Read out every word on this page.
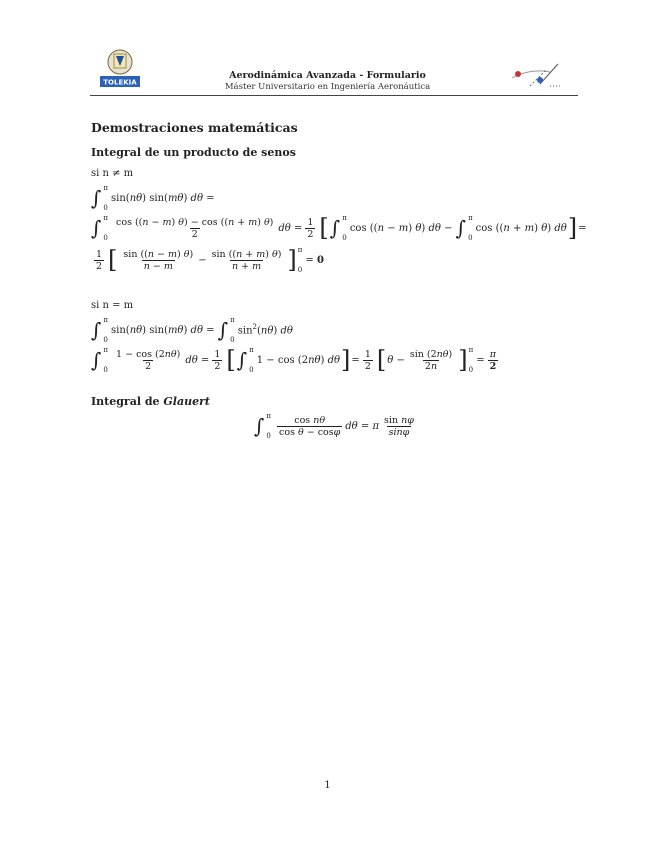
TOLEKIA
Aerodinámica Avanzada - Formulario
Máster Universitario en Ingeniería Aeronáutica
Demostraciones matemáticas
Integral de un producto de senos
si n ≠ m
∫ π
0
sin(nθ) sin(mθ) dθ =
∫ π
$0 \frac{\cos ((n - m) \theta) - \cos ((n + m) \theta)}{2}$ $d\theta = \frac{1}{2}$ [ ∫ π
0
cos ((n − m) θ) dθ − ∫ π
0
cos ((n + m) θ) dθ ] =
$\frac{1}{2}$ [ $\frac{\sin ((n - m) \theta)}{n - m} - \frac{\sin ((n + m) \theta)}{n + m}$ ] π
0
= 0
si n = m
∫ π
0
sin(nθ) sin(mθ) dθ = ∫ π
0
$\sin^2(n\theta)$ dθ
∫ π
$0 \frac{1 - \cos (2n\theta)}{2}$ $d\theta = \frac{1}{2}$ [ ∫ π
0
1 − cos (2nθ) dθ ] = $\frac{1}{2}$ [ $\theta - \frac{\sin (2n\theta)}{2n}$ ] π
0
= $\frac{\pi}{2}$
Integral de Glauert
∫ π
$0 \frac{\text{cos nθ}}{\text{cos θ − cosφ}}$ dθ = π $\frac{\text{sin nφ}}{\sin\varphi}$
1
